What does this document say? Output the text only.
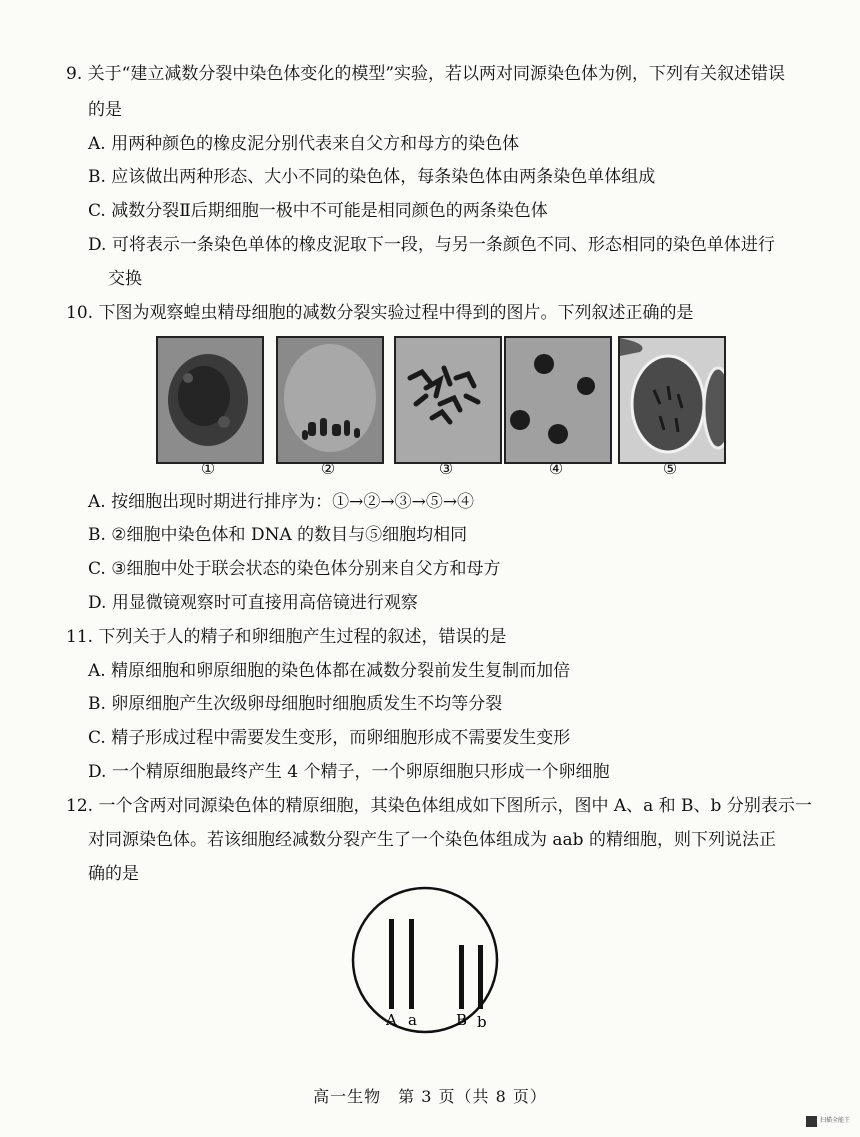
9. 关于“建立减数分裂中染色体变化的模型”实验，若以两对同源染色体为例，下列有关叙述错误
的是
A. 用两种颜色的橡皮泥分别代表来自父方和母方的染色体
B. 应该做出两种形态、大小不同的染色体，每条染色体由两条染色单体组成
C. 减数分裂Ⅱ后期细胞一极中不可能是相同颜色的两条染色体
D. 可将表示一条染色单体的橡皮泥取下一段，与另一条颜色不同、形态相同的染色单体进行
交换
10. 下图为观察蝗虫精母细胞的减数分裂实验过程中得到的图片。下列叙述正确的是
①	②	③	④	⑤
A. 按细胞出现时期进行排序为：①→②→③→⑤→④
B. ②细胞中染色体和 DNA 的数目与⑤细胞均相同
C. ③细胞中处于联会状态的染色体分别来自父方和母方
D. 用显微镜观察时可直接用高倍镜进行观察
11. 下列关于人的精子和卵细胞产生过程的叙述，错误的是
A. 精原细胞和卵原细胞的染色体都在减数分裂前发生复制而加倍
B. 卵原细胞产生次级卵母细胞时细胞质发生不均等分裂
C. 精子形成过程中需要发生变形，而卵细胞形成不需要发生变形
D. 一个精原细胞最终产生 4 个精子，一个卵原细胞只形成一个卵细胞
12. 一个含两对同源染色体的精原细胞，其染色体组成如下图所示，图中 A、a 和 B、b 分别表示一
对同源染色体。若该细胞经减数分裂产生了一个染色体组成为 aab 的精细胞，则下列说法正
确的是
A a	B b
高一生物　第 3 页（共 8 页）
扫描全能王
